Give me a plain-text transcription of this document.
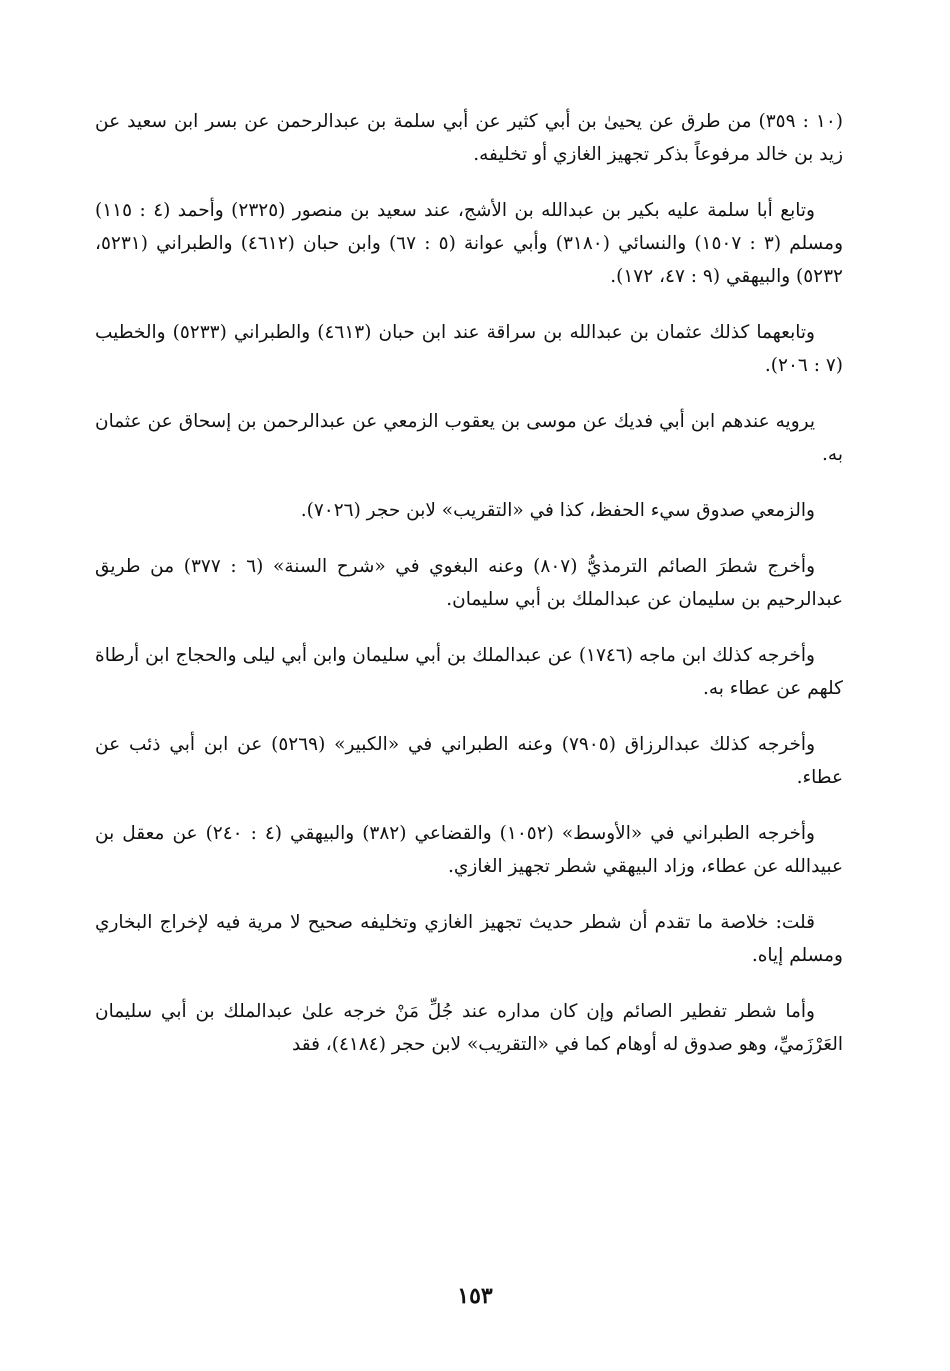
(١٠ : ٣٥٩) من طرق عن يحيىٰ بن أبي كثير عن أبي سلمة بن عبدالرحمن عن بسر ابن سعيد عن زيد بن خالد مرفوعاً بذكر تجهيز الغازي أو تخليفه.

وتابع أبا سلمة عليه بكير بن عبدالله بن الأشج، عند سعيد بن منصور (٢٣٢٥) وأحمد (٤ : ١١٥) ومسلم (٣ : ١٥٠٧) والنسائي (٣١٨٠) وأبي عوانة (٥ : ٦٧) وابن حبان (٤٦١٢) والطبراني (٥٢٣١، ٥٢٣٢) والبيهقي (٩ : ٤٧، ١٧٢).

وتابعهما كذلك عثمان بن عبدالله بن سراقة عند ابن حبان (٤٦١٣) والطبراني (٥٢٣٣) والخطيب (٧ : ٢٠٦).

يرويه عندهم ابن أبي فديك عن موسى بن يعقوب الزمعي عن عبدالرحمن بن إسحاق عن عثمان به.

والزمعي صدوق سيء الحفظ، كذا في «التقريب» لابن حجر (٧٠٢٦).

وأخرج شطرَ الصائم الترمذيُّ (٨٠٧) وعنه البغوي في «شرح السنة» (٦ : ٣٧٧) من طريق عبدالرحيم بن سليمان عن عبدالملك بن أبي سليمان.

وأخرجه كذلك ابن ماجه (١٧٤٦) عن عبدالملك بن أبي سليمان وابن أبي ليلى والحجاج ابن أرطاة كلهم عن عطاء به.

وأخرجه كذلك عبدالرزاق (٧٩٠٥) وعنه الطبراني في «الكبير» (٥٢٦٩) عن ابن أبي ذئب عن عطاء.

وأخرجه الطبراني في «الأوسط» (١٠٥٢) والقضاعي (٣٨٢) والبيهقي (٤ : ٢٤٠) عن معقل بن عبيدالله عن عطاء، وزاد البيهقي شطر تجهيز الغازي.

قلت: خلاصة ما تقدم أن شطر حديث تجهيز الغازي وتخليفه صحيح لا مرية فيه لإخراج البخاري ومسلم إياه.

وأما شطر تفطير الصائم وإن كان مداره عند جُلِّ مَنْ خرجه علىٰ عبدالملك بن أبي سليمان العَرْزَميِّ، وهو صدوق له أوهام كما في «التقريب» لابن حجر (٤١٨٤)، فقد

١٥٣
